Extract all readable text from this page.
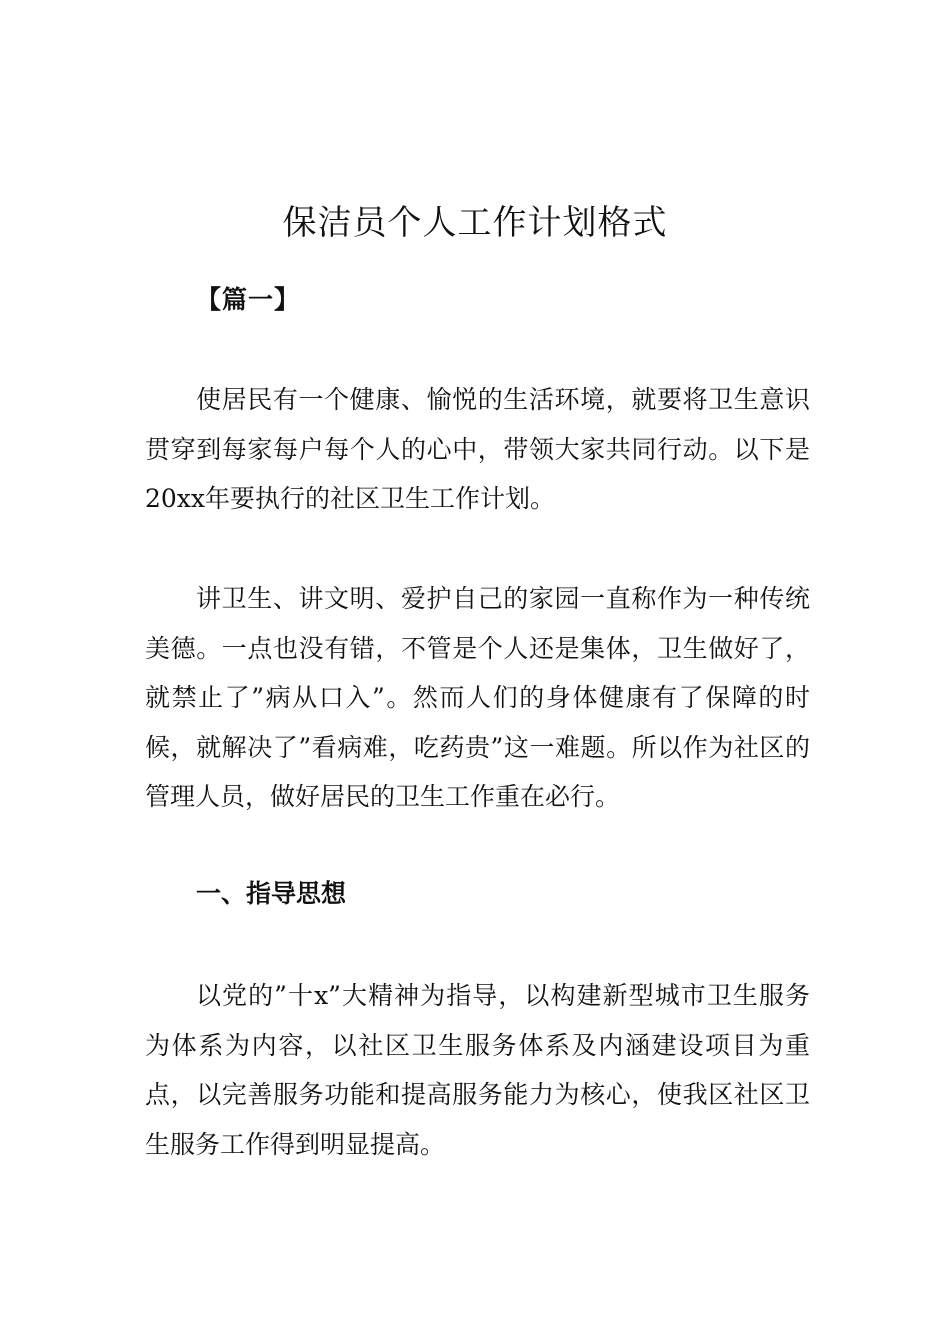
保洁员个人工作计划格式
【篇一】

使居民有一个健康、愉悦的生活环境，就要将卫生意识贯穿到每家每户每个人的心中，带领大家共同行动。以下是20xx年要执行的社区卫生工作计划。

讲卫生、讲文明、爱护自己的家园一直称作为一种传统美德。一点也没有错，不管是个人还是集体，卫生做好了，就禁止了”病从口入”。然而人们的身体健康有了保障的时候，就解决了”看病难，吃药贵”这一难题。所以作为社区的管理人员，做好居民的卫生工作重在必行。

一、指导思想

以党的”十x”大精神为指导，以构建新型城市卫生服务为体系为内容，以社区卫生服务体系及内涵建设项目为重点，以完善服务功能和提高服务能力为核心，使我区社区卫生服务工作得到明显提高。
